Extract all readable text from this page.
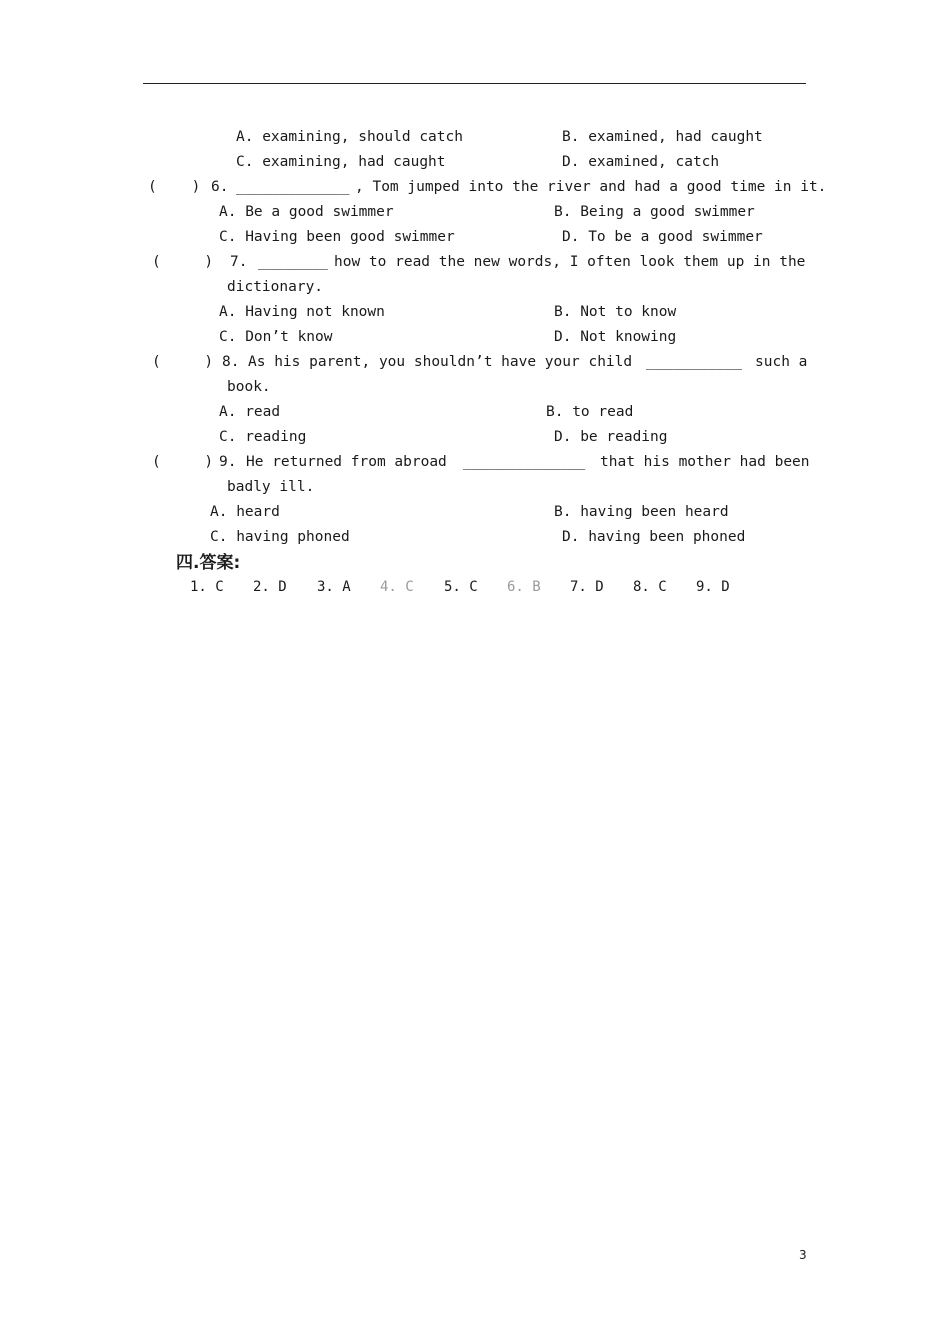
A. examining, should catch	B. examined, had caught
C. examining, had caught	D. examined, catch
(    ) 6. _____________ , Tom jumped into the river and had a good time in it.
A. Be a good swimmer	B. Being a good swimmer
C. Having been good swimmer	D. To be a good swimmer
(     ) 7. ________ how to read the new words, I often look them up in the
dictionary.
A. Having not known	B. Not to know
C. Don’t know	D. Not knowing
(     ) 8. As his parent, you shouldn’t have your child ___________ such a
book.
A. read	B. to read
C. reading	D. be reading
(     ) 9. He returned from abroad ______________ that his mother had been
badly ill.
A. heard	B. having been heard
C. having phoned	D. having been phoned
四.答案:
1. C 2. D 3. A 4. C 5. C 6. B 7. D 8. C 9. D
3
